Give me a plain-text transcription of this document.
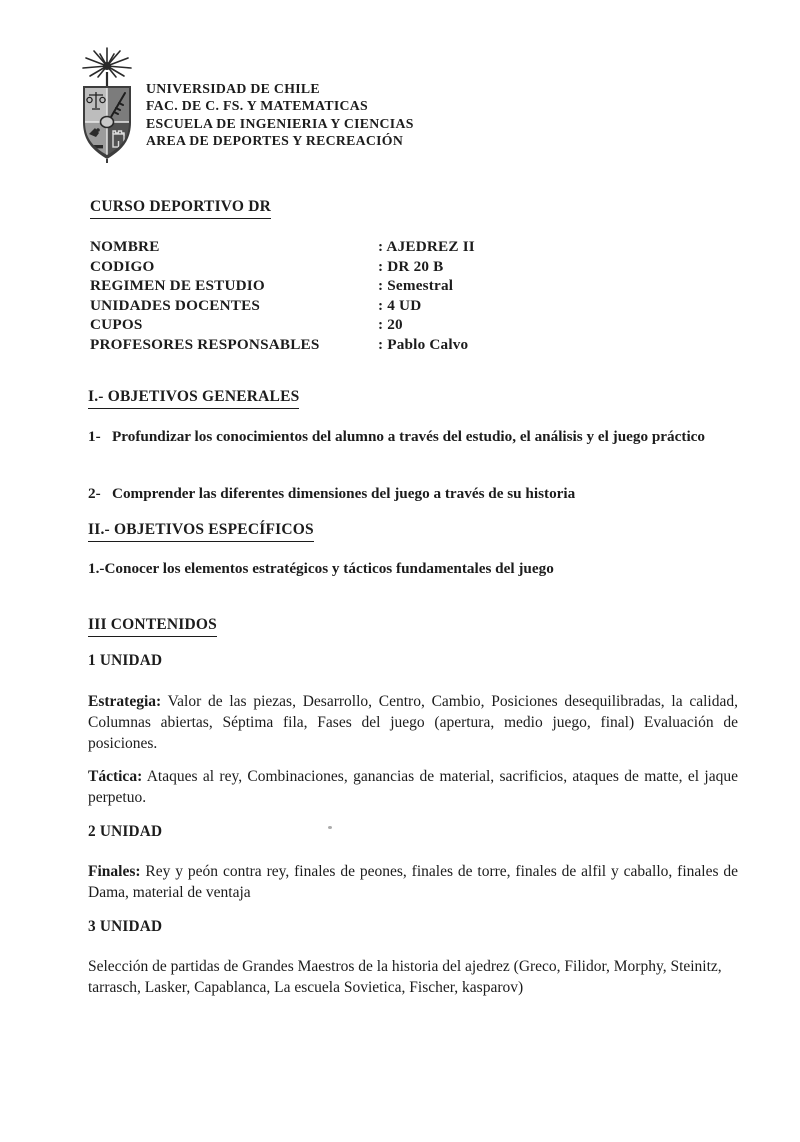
UNIVERSIDAD DE CHILE
FAC. DE C. FS. Y MATEMATICAS
ESCUELA DE INGENIERIA Y CIENCIAS
AREA DE DEPORTES Y RECREACIÓN
CURSO DEPORTIVO DR
NOMBRE	: AJEDREZ II
CODIGO	: DR 20 B
REGIMEN DE ESTUDIO	: Semestral
UNIDADES DOCENTES	: 4 UD
CUPOS	: 20
PROFESORES RESPONSABLES	: Pablo Calvo
I.- OBJETIVOS GENERALES
1- Profundizar los conocimientos del alumno a través del estudio, el análisis y el juego práctico
2- Comprender las diferentes dimensiones del juego a través de su historia
II.- OBJETIVOS ESPECÍFICOS
1.-Conocer los elementos estratégicos y tácticos fundamentales del juego
III CONTENIDOS
1 UNIDAD
Estrategia: Valor de las piezas, Desarrollo, Centro, Cambio, Posiciones desequilibradas, la calidad, Columnas abiertas, Séptima fila, Fases del juego (apertura, medio juego, final) Evaluación de posiciones.
Táctica: Ataques al rey, Combinaciones, ganancias de material, sacrificios, ataques de matte, el jaque perpetuo.
2 UNIDAD
Finales: Rey y peón contra rey, finales de peones, finales de torre, finales de alfil y caballo, finales de Dama, material de ventaja
3 UNIDAD
Selección de partidas de Grandes Maestros de la historia del ajedrez (Greco, Filidor, Morphy, Steinitz, tarrasch, Lasker, Capablanca, La escuela Sovietica, Fischer, kasparov)
